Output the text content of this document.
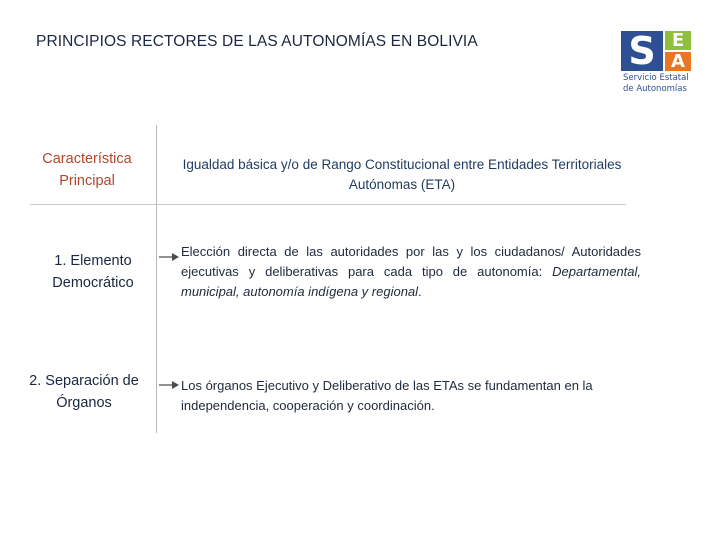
PRINCIPIOS RECTORES DE LAS AUTONOMÍAS EN BOLIVIA	S E
A
Servicio Estatal
de Autonomías
Característica Principal
Igualdad básica y/o de Rango Constitucional entre Entidades Territoriales Autónomas (ETA)
1. Elemento Democrático
Elección directa de las autoridades por las y los ciudadanos/ Autoridades ejecutivas y deliberativas para cada tipo de autonomía: Departamental, municipal, autonomía indígena y regional.
2. Separación de Órganos
Los órganos Ejecutivo y Deliberativo de las ETAs se fundamentan en la independencia, cooperación y coordinación.
